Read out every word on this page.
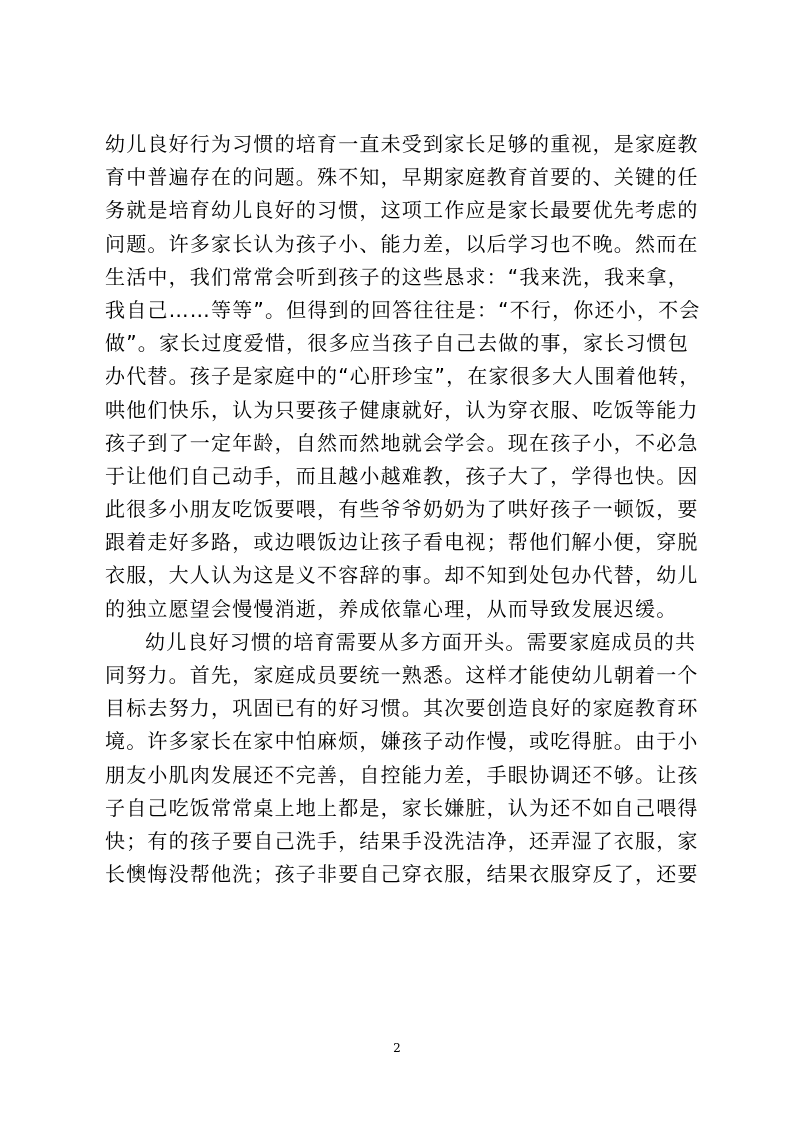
幼儿良好行为习惯的培育一直未受到家长足够的重视，是家庭教
育中普遍存在的问题。殊不知，早期家庭教育首要的、关键的任
务就是培育幼儿良好的习惯，这项工作应是家长最要优先考虑的
问题。许多家长认为孩子小、能力差，以后学习也不晚。然而在
生活中，我们常常会听到孩子的这些恳求：“我来洗，我来拿，
我自己……等等”。但得到的回答往往是：“不行，你还小，不会
做”。家长过度爱惜，很多应当孩子自己去做的事，家长习惯包
办代替。孩子是家庭中的“心肝珍宝”，在家很多大人围着他转，
哄他们快乐，认为只要孩子健康就好，认为穿衣服、吃饭等能力
孩子到了一定年龄，自然而然地就会学会。现在孩子小，不必急
于让他们自己动手，而且越小越难教，孩子大了，学得也快。因
此很多小朋友吃饭要喂，有些爷爷奶奶为了哄好孩子一顿饭，要
跟着走好多路，或边喂饭边让孩子看电视；帮他们解小便，穿脱
衣服，大人认为这是义不容辞的事。却不知到处包办代替，幼儿
的独立愿望会慢慢消逝，养成依靠心理，从而导致发展迟缓。
幼儿良好习惯的培育需要从多方面开头。需要家庭成员的共
同努力。首先，家庭成员要统一熟悉。这样才能使幼儿朝着一个
目标去努力，巩固已有的好习惯。其次要创造良好的家庭教育环
境。许多家长在家中怕麻烦，嫌孩子动作慢，或吃得脏。由于小
朋友小肌肉发展还不完善，自控能力差，手眼协调还不够。让孩
子自己吃饭常常桌上地上都是，家长嫌脏，认为还不如自己喂得
快；有的孩子要自己洗手，结果手没洗洁净，还弄湿了衣服，家
长懊悔没帮他洗；孩子非要自己穿衣服，结果衣服穿反了，还要
2
